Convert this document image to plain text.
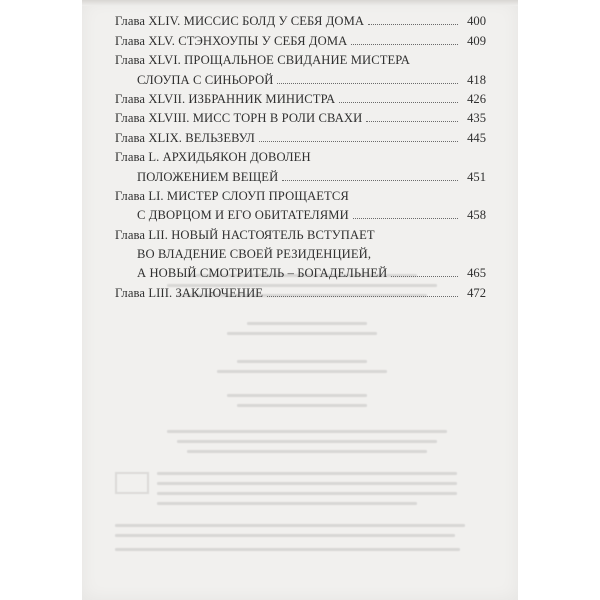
Глава XLIV. МИССИС БОЛД У СЕБЯ ДОМА	400
Глава XLV. СТЭНХОУПЫ У СЕБЯ ДОМА	409
Глава XLVI. ПРОЩАЛЬНОЕ СВИДАНИЕ МИСТЕРА
СЛОУПА С СИНЬОРОЙ	418
Глава XLVII. ИЗБРАННИК МИНИСТРА	426
Глава XLVIII. МИСС ТОРН В РОЛИ СВАХИ	435
Глава XLIX. ВЕЛЬЗЕВУЛ	445
Глава L. АРХИДЬЯКОН ДОВОЛЕН
ПОЛОЖЕНИЕМ ВЕЩЕЙ	451
Глава LI. МИСТЕР СЛОУП ПРОЩАЕТСЯ
С ДВОРЦОМ И ЕГО ОБИТАТЕЛЯМИ	458
Глава LII. НОВЫЙ НАСТОЯТЕЛЬ ВСТУПАЕТ
ВО ВЛАДЕНИЕ СВОЕЙ РЕЗИДЕНЦИЕЙ,
А НОВЫЙ СМОТРИТЕЛЬ – БОГАДЕЛЬНЕЙ	465
Глава LIII. ЗАКЛЮЧЕНИЕ	472
